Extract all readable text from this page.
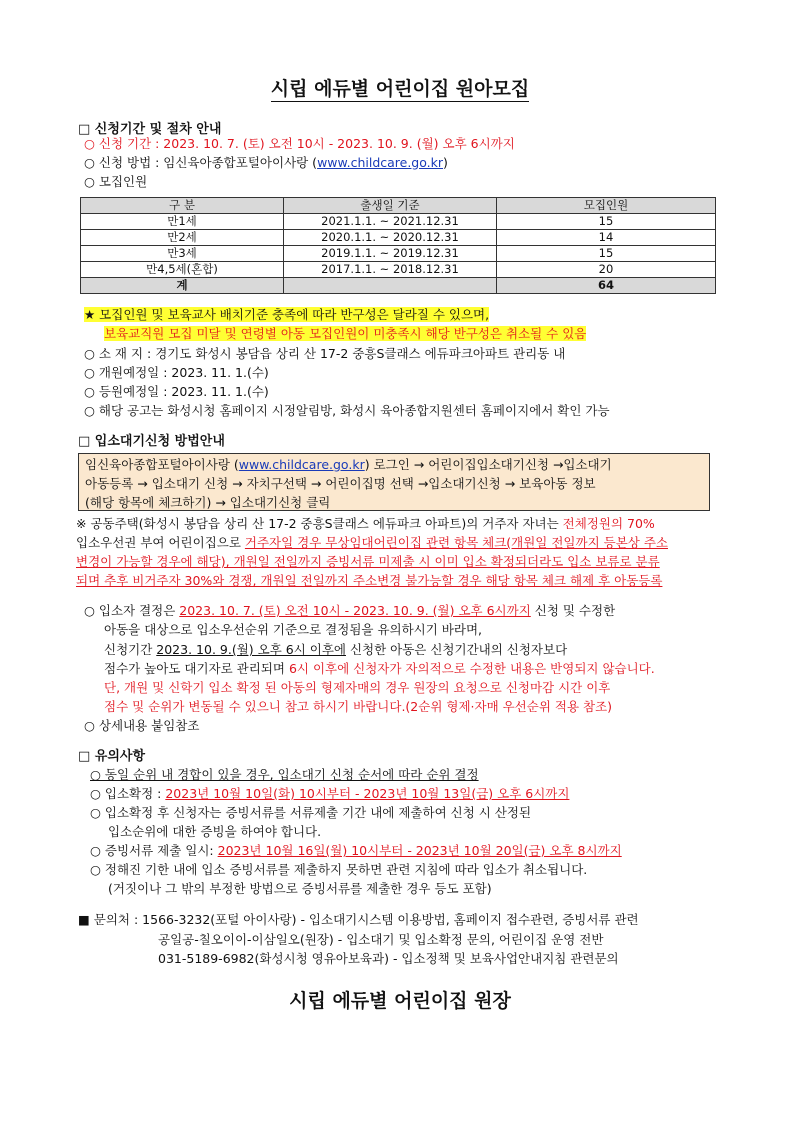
시립 에듀별 어린이집 원아모집
□ 신청기간 및 절차 안내
○ 신청 기간 : 2023. 10. 7. (토) 오전 10시 - 2023. 10. 9. (월) 오후 6시까지
○ 신청 방법 : 임신육아종합포털아이사랑 (www.childcare.go.kr)
○ 모집인원
구 분	출생일 기준	모집인원
만1세	2021.1.1. ~ 2021.12.31	15
만2세	2020.1.1. ~ 2020.12.31	14
만3세	2019.1.1. ~ 2019.12.31	15
만4,5세(혼합)	2017.1.1. ~ 2018.12.31	20
계		64
★ 모집인원 및 보육교사 배치기준 충족에 따라 반구성은 달라질 수 있으며,
보육교직원 모집 미달 및 연령별 아동 모집인원이 미충족시 해당 반구성은 취소될 수 있음
○ 소 재 지 : 경기도 화성시 봉담읍 상리 산 17-2 중흥S클래스 에듀파크아파트 관리동 내
○ 개원예정일 : 2023. 11. 1.(수)
○ 등원예정일 : 2023. 11. 1.(수)
○ 해당 공고는 화성시청 홈페이지 시정알림방, 화성시 육아종합지원센터 홈페이지에서 확인 가능
□ 입소대기신청 방법안내
임신육아종합포털아이사랑 (www.childcare.go.kr) 로그인 → 어린이집입소대기신청 →입소대기
아동등록 → 입소대기 신청 → 자치구선택 → 어린이집명 선택 →입소대기신청 → 보육아동 정보
(해당 항목에 체크하기) → 입소대기신청 클릭
※ 공동주택(화성시 봉담읍 상리 산 17-2 중흥S클래스 에듀파크 아파트)의 거주자 자녀는 전체정원의 70%
입소우선권 부여 어린이집으로 거주자일 경우 무상임대어린이집 관련 항목 체크(개원일 전일까지 등본상 주소
변경이 가능할 경우에 해당), 개원일 전일까지 증빙서류 미제출 시 이미 입소 확정되더라도 입소 보류로 분류
되며 추후 비거주자 30%와 경쟁, 개원일 전일까지 주소변경 불가능할 경우 해당 항목 체크 해제 후 아동등록
○ 입소자 결정은 2023. 10. 7. (토) 오전 10시 - 2023. 10. 9. (월) 오후 6시까지 신청 및 수정한
아동을 대상으로 입소우선순위 기준으로 결정됨을 유의하시기 바라며,
신청기간 2023. 10. 9.(월) 오후 6시 이후에 신청한 아동은 신청기간내의 신청자보다
점수가 높아도 대기자로 관리되며 6시 이후에 신청자가 자의적으로 수정한 내용은 반영되지 않습니다.
단, 개원 및 신학기 입소 확정 된 아동의 형제자매의 경우 원장의 요청으로 신청마감 시간 이후
점수 및 순위가 변동될 수 있으니 참고 하시기 바랍니다.(2순위 형제·자매 우선순위 적용 참조)
○ 상세내용 붙임참조
□ 유의사항
○ 동일 순위 내 경합이 있을 경우, 입소대기 신청 순서에 따라 순위 결정
○ 입소확정 : 2023년 10월 10일(화) 10시부터 - 2023년 10월 13일(금) 오후 6시까지
○ 입소확정 후 신청자는 증빙서류를 서류제출 기간 내에 제출하여 신청 시 산정된
입소순위에 대한 증빙을 하여야 합니다.
○ 증빙서류 제출 일시: 2023년 10월 16일(월) 10시부터 - 2023년 10월 20일(금) 오후 8시까지
○ 정해진 기한 내에 입소 증빙서류를 제출하지 못하면 관련 지침에 따라 입소가 취소됩니다.
(거짓이나 그 밖의 부정한 방법으로 증빙서류를 제출한 경우 등도 포함)
■ 문의처 : 1566-3232(포털 아이사랑) - 입소대기시스템 이용방법, 홈페이지 접수관련, 증빙서류 관련
공일공-칠오이이-이삼일오(원장) - 입소대기 및 입소확정 문의, 어린이집 운영 전반
031-5189-6982(화성시청 영유아보육과) - 입소정책 및 보육사업안내지침 관련문의
시립 에듀별 어린이집 원장
